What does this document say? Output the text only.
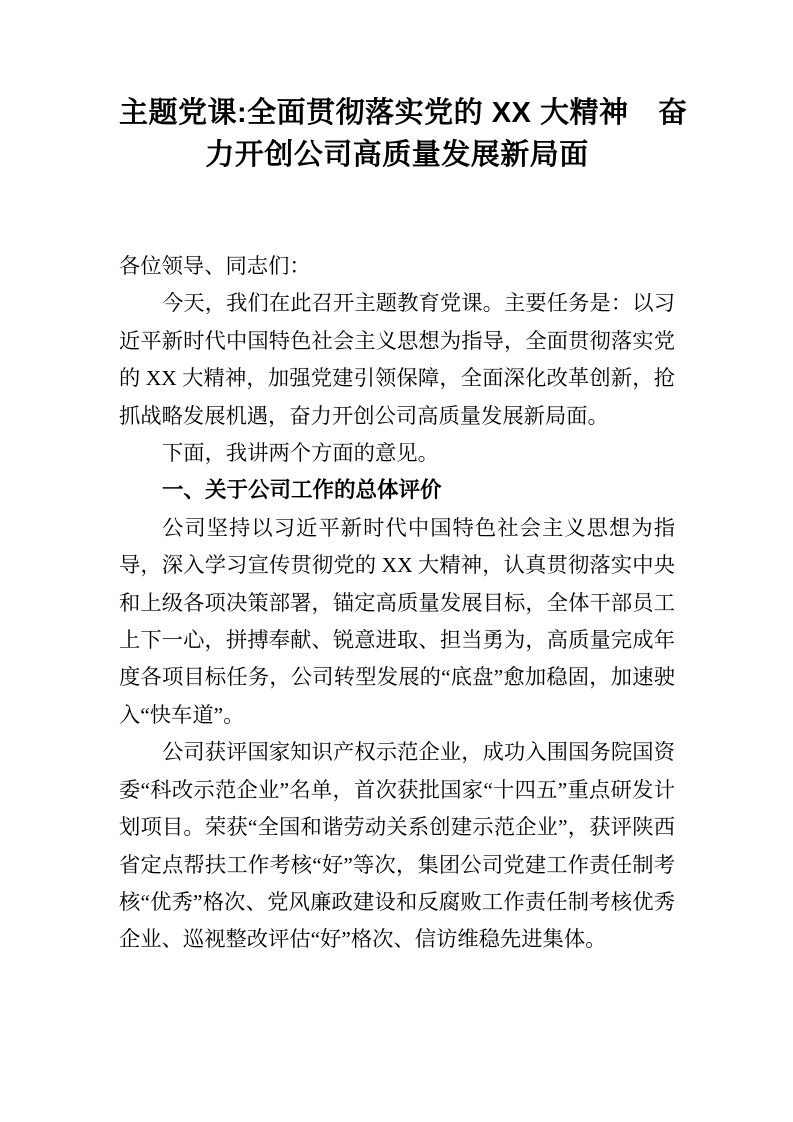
主题党课:全面贯彻落实党的 XX 大精神　奋
力开创公司高质量发展新局面

各位领导、同志们：

今天，我们在此召开主题教育党课。主要任务是：以习近平新时代中国特色社会主义思想为指导，全面贯彻落实党的 XX 大精神，加强党建引领保障，全面深化改革创新，抢抓战略发展机遇，奋力开创公司高质量发展新局面。

下面，我讲两个方面的意见。

一、关于公司工作的总体评价

公司坚持以习近平新时代中国特色社会主义思想为指导，深入学习宣传贯彻党的 XX 大精神，认真贯彻落实中央和上级各项决策部署，锚定高质量发展目标，全体干部员工上下一心，拼搏奉献、锐意进取、担当勇为，高质量完成年度各项目标任务，公司转型发展的“底盘”愈加稳固，加速驶入“快车道”。

公司获评国家知识产权示范企业，成功入围国务院国资委“科改示范企业”名单，首次获批国家“十四五”重点研发计划项目。荣获“全国和谐劳动关系创建示范企业”，获评陕西省定点帮扶工作考核“好”等次，集团公司党建工作责任制考核“优秀”格次、党风廉政建设和反腐败工作责任制考核优秀企业、巡视整改评估“好”格次、信访维稳先进集体。
